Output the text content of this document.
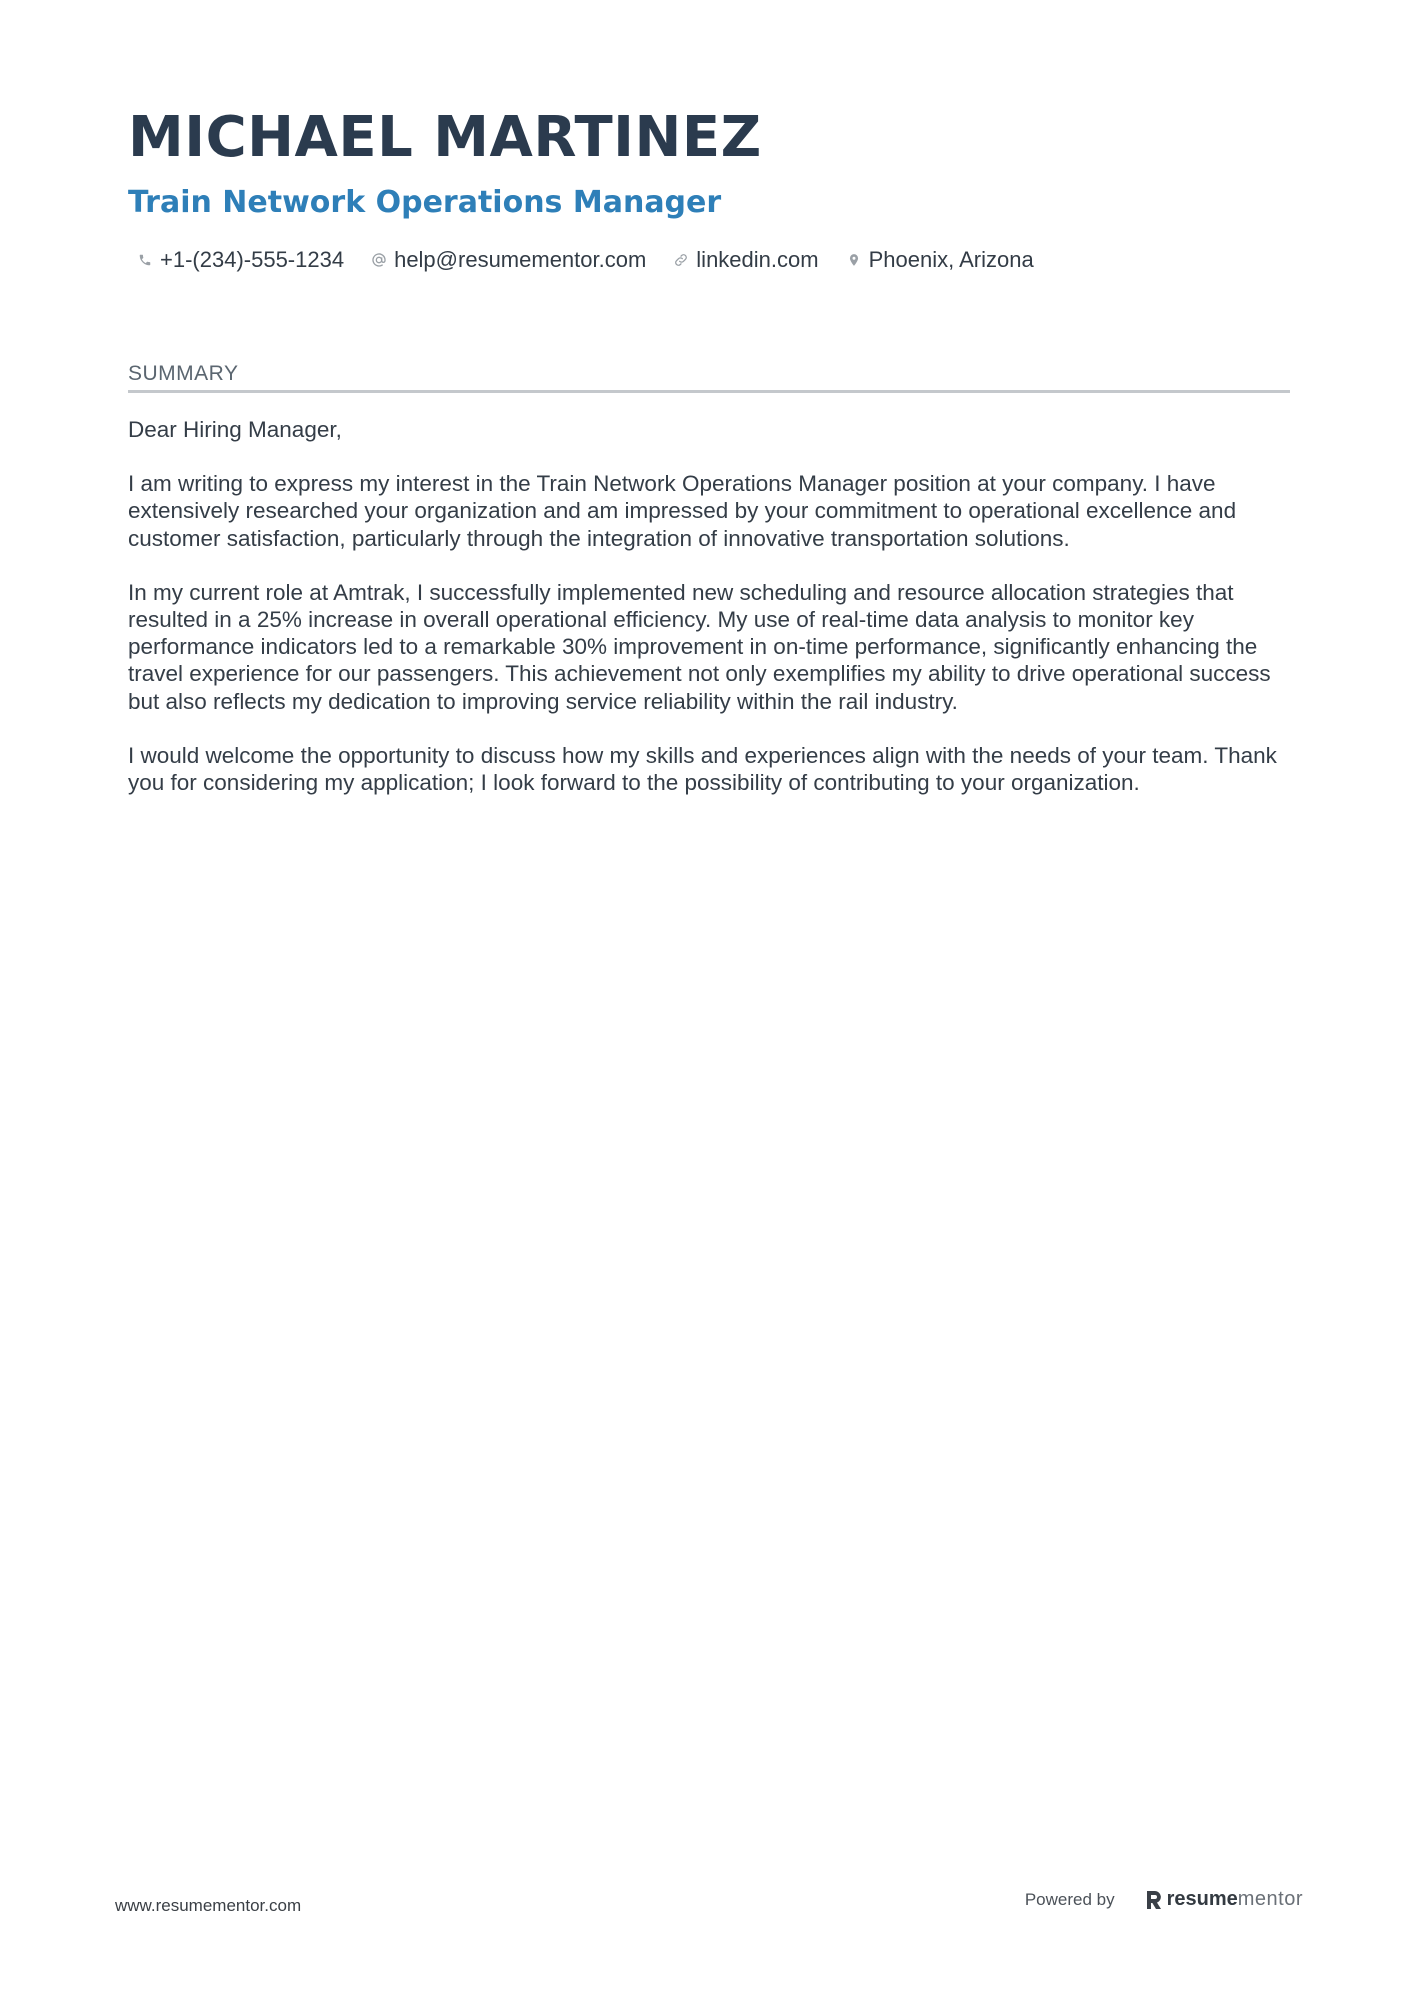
MICHAEL MARTINEZ
Train Network Operations Manager
+1-(234)-555-1234 help@resumementor.com linkedin.com Phoenix, Arizona
SUMMARY

Dear Hiring Manager,

I am writing to express my interest in the Train Network Operations Manager position at your company. I have extensively researched your organization and am impressed by your commitment to operational excellence and customer satisfaction, particularly through the integration of innovative transportation solutions.

In my current role at Amtrak, I successfully implemented new scheduling and resource allocation strategies that resulted in a 25% increase in overall operational efficiency. My use of real-time data analysis to monitor key performance indicators led to a remarkable 30% improvement in on-time performance, significantly enhancing the travel experience for our passengers. This achievement not only exemplifies my ability to drive operational success but also reflects my dedication to improving service reliability within the rail industry.

I would welcome the opportunity to discuss how my skills and experiences align with the needs of your team. Thank you for considering my application; I look forward to the possibility of contributing to your organization.

www.resumementor.com	Powered by	resume mentor
